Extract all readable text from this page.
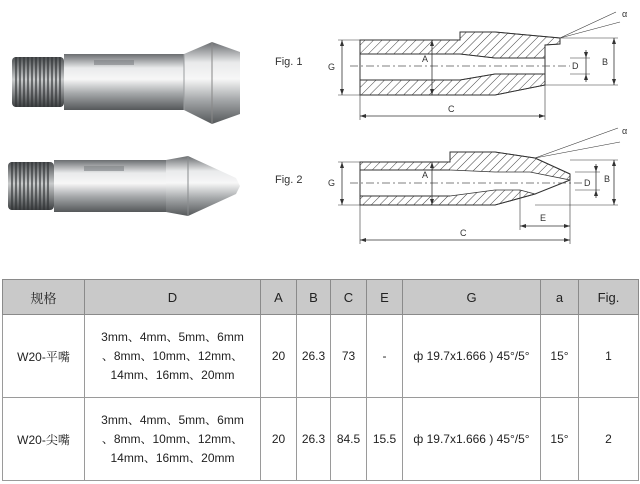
Fig. 1
Fig. 2
G
A
D	B
C
α
G
A
D B
E
C
α
规格	D	A	B	C	E	G	a	Fig.
W20-平嘴	3mm、4mm、5mm、6mm
、8mm、10mm、12mm、
14mm、16mm、20mm	20	26.3	73	-	ф 19.7x1.666 ) 45°/5°	15°	1
W20-尖嘴	3mm、4mm、5mm、6mm
、8mm、10mm、12mm、
14mm、16mm、20mm	20	26.3	84.5	15.5	ф 19.7x1.666 ) 45°/5°	15°	2
